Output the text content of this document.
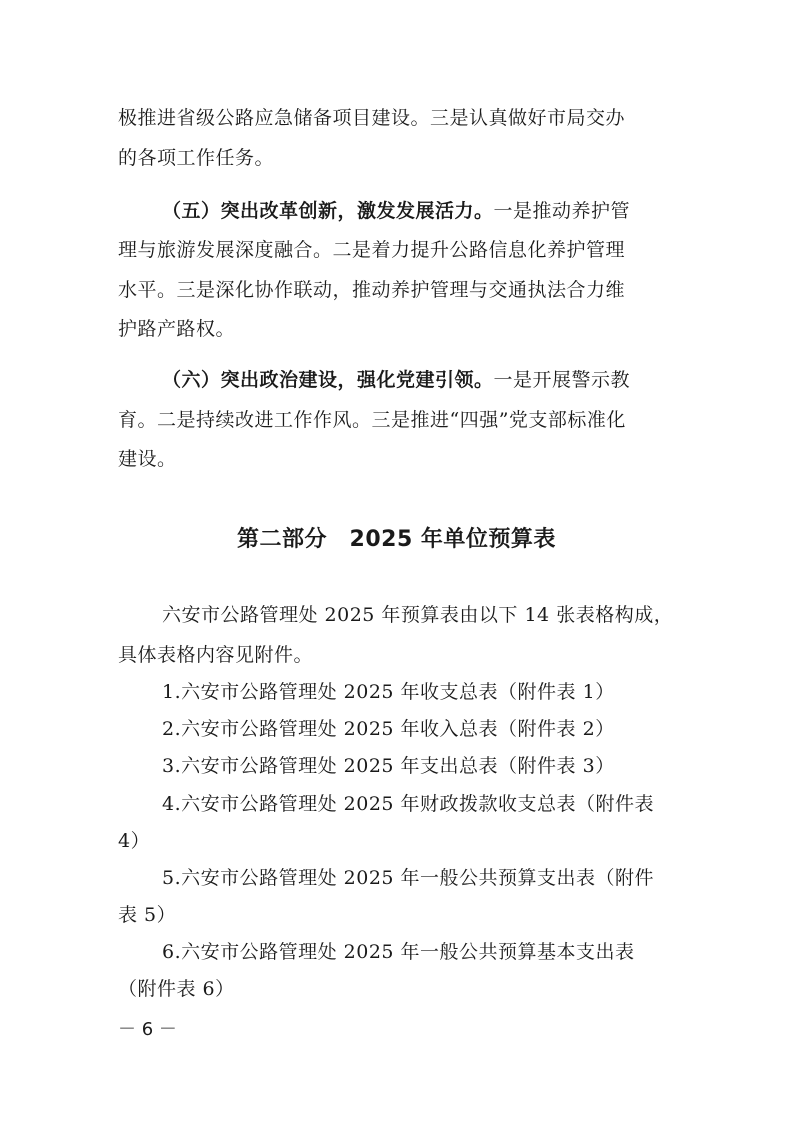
极推进省级公路应急储备项目建设。三是认真做好市局交办
的各项工作任务。
（五）突出改革创新，激发发展活力。一是推动养护管
理与旅游发展深度融合。二是着力提升公路信息化养护管理
水平。三是深化协作联动，推动养护管理与交通执法合力维
护路产路权。
（六）突出政治建设，强化党建引领。一是开展警示教
育。二是持续改进工作作风。三是推进“四强”党支部标准化
建设。
第二部分　2025 年单位预算表
六安市公路管理处 2025 年预算表由以下 14 张表格构成，
具体表格内容见附件。
1.六安市公路管理处 2025 年收支总表（附件表 1）
2.六安市公路管理处 2025 年收入总表（附件表 2）
3.六安市公路管理处 2025 年支出总表（附件表 3）
4.六安市公路管理处 2025 年财政拨款收支总表（附件表
4）
5.六安市公路管理处 2025 年一般公共预算支出表（附件
表 5）
6.六安市公路管理处 2025 年一般公共预算基本支出表
（附件表 6）
－ 6 －
